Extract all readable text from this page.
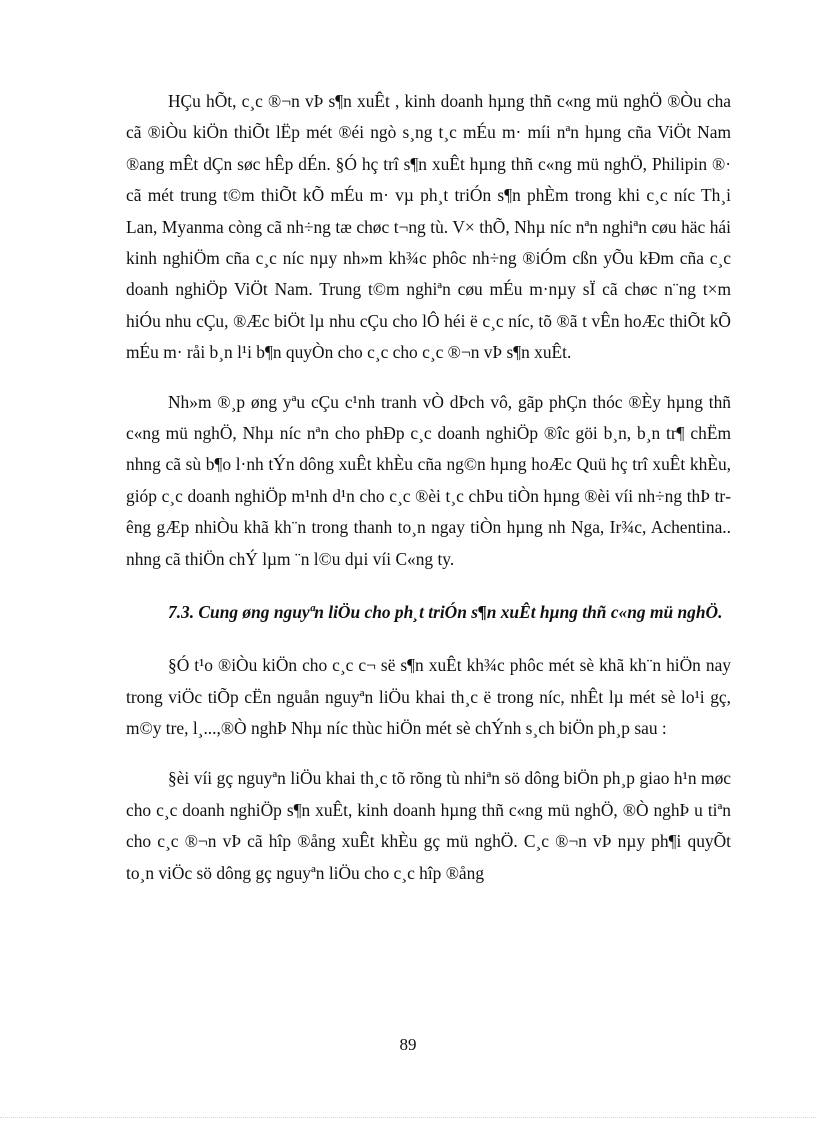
HÇu hÕt, c¸c ®¬n vÞ s¶n xuÊt , kinh doanh hµng thñ c«ng mü nghÖ ®Òu cha cã ®iÒu kiÖn thiÕt lËp mét ®éi ngò s¸ng t¸c mÉu m· míi nªn hµng cña ViÖt Nam ®ang mÊt dÇn søc hÊp dÉn. §Ó hç trî s¶n xuÊt hµng thñ c«ng mü nghÖ, Philipin ®· cã mét trung t©m thiÕt kÕ mÉu m· vµ ph¸t triÓn s¶n phÈm trong khi c¸c níc Th¸i Lan, Myanma còng cã nh÷ng tæ chøc t¬ng tù. V× thÕ, Nhµ níc nªn nghiªn cøu häc hái kinh nghiÖm cña c¸c níc nµy nh»m kh¾c phôc nh÷ng ®iÓm cßn yÕu kÐm cña c¸c doanh nghiÖp ViÖt Nam. Trung t©m nghiªn cøu mÉu m·nµy sÏ cã chøc n¨ng t×m hiÓu nhu cÇu, ®Æc biÖt lµ nhu cÇu cho lÔ héi ë c¸c níc, tõ ®ã t vÊn hoÆc thiÕt kÕ mÉu m· råi b¸n l¹i b¶n quyÒn cho c¸c cho c¸c ®¬n vÞ s¶n xuÊt.

Nh»m ®¸p øng yªu cÇu c¹nh tranh vÒ dÞch vô, gãp phÇn thóc ®Èy hµng thñ c«ng mü nghÖ, Nhµ níc nªn cho phÐp c¸c doanh nghiÖp ®îc göi b¸n, b¸n tr¶ chËm nhng cã sù b¶o l·nh tÝn dông xuÊt khÈu cña ng©n hµng hoÆc Quü hç trî xuÊt khÈu, gióp c¸c doanh nghiÖp m¹nh d¹n cho c¸c ®èi t¸c chÞu tiÒn hµng ®èi víi nh÷ng thÞ trêng gÆp nhiÒu khã kh¨n trong thanh to¸n ngay tiÒn hµng nh Nga, Ir¾c, Achentina.. nhng cã thiÖn chÝ lµm ¨n l©u dµi víi C«ng ty.

7.3. Cung øng nguyªn liÖu cho ph¸t triÓn s¶n xuÊt hµng thñ c«ng mü nghÖ.

§Ó t¹o ®iÒu kiÖn cho c¸c c¬ së s¶n xuÊt kh¾c phôc mét sè khã kh¨n hiÖn nay trong viÖc tiÕp cËn nguån nguyªn liÖu khai th¸c ë trong níc, nhÊt lµ mét sè lo¹i gç, m©y tre, l¸...,®Ò nghÞ Nhµ níc thùc hiÖn mét sè chÝnh s¸ch biÖn ph¸p sau :

§èi víi gç nguyªn liÖu khai th¸c tõ rõng tù nhiªn sö dông biÖn ph¸p giao h¹n møc cho c¸c doanh nghiÖp s¶n xuÊt, kinh doanh hµng thñ c«ng mü nghÖ, ®Ò nghÞ u tiªn cho c¸c ®¬n vÞ cã hîp ®ång xuÊt khÈu gç mü nghÖ. C¸c ®¬n vÞ nµy ph¶i quyÕt to¸n viÖc sö dông gç nguyªn liÖu cho c¸c hîp ®ång

89
